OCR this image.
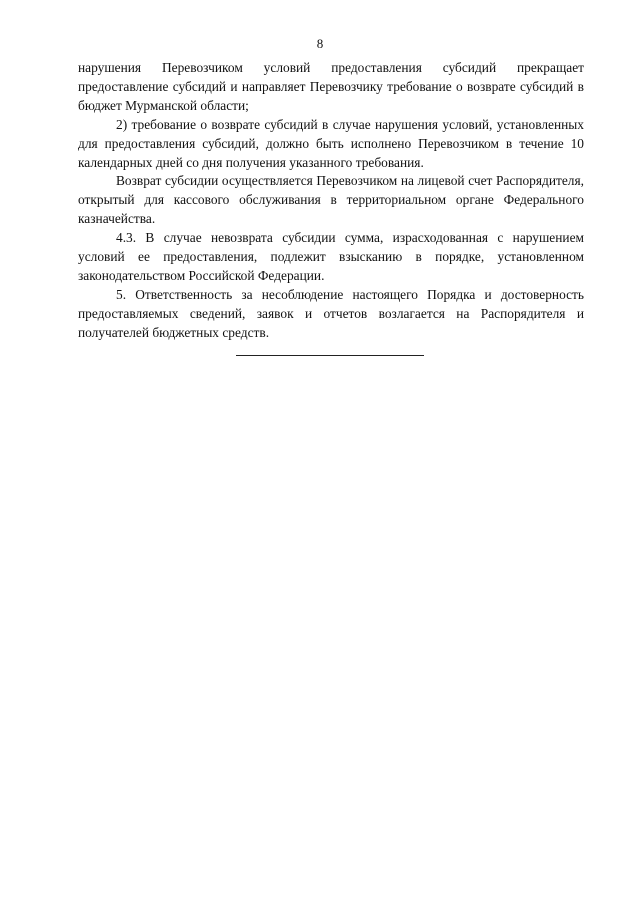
8

нарушения Перевозчиком условий предоставления субсидий прекращает предоставление субсидий и направляет Перевозчику требование о возврате субсидий в бюджет Мурманской области;

2) требование о возврате субсидий в случае нарушения условий, установленных для предоставления субсидий, должно быть исполнено Перевозчиком в течение 10 календарных дней со дня получения указанного требования.

Возврат субсидии осуществляется Перевозчиком на лицевой счет Распорядителя, открытый для кассового обслуживания в территориальном органе Федерального казначейства.

4.3. В случае невозврата субсидии сумма, израсходованная с нарушением условий ее предоставления, подлежит взысканию в порядке, установленном законодательством Российской Федерации.

5. Ответственность за несоблюдение настоящего Порядка и достоверность предоставляемых сведений, заявок и отчетов возлагается на Распорядителя и получателей бюджетных средств.
